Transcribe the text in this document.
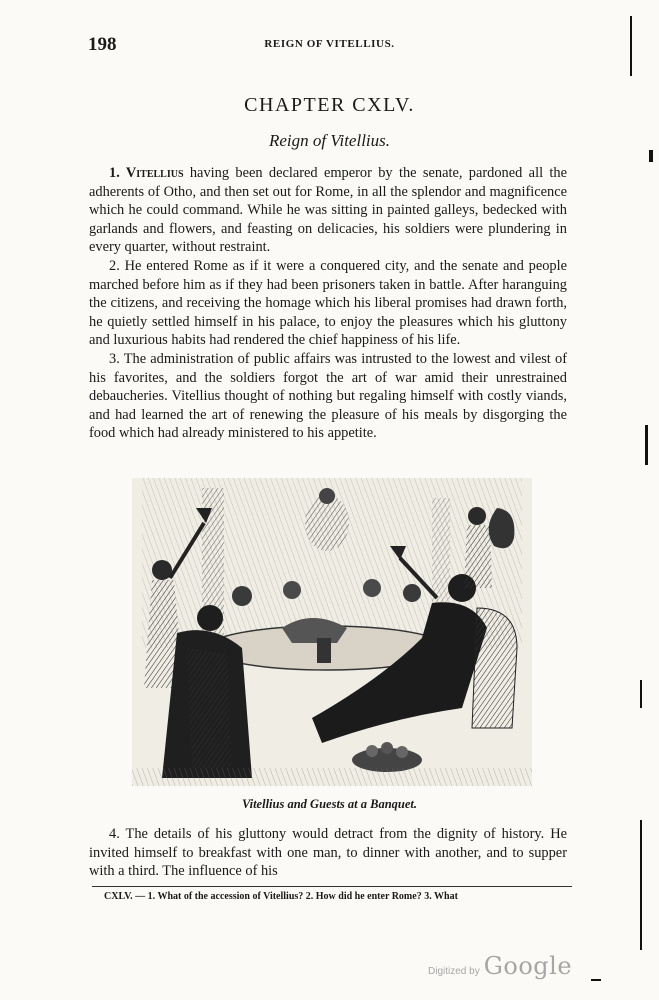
198	REIGN OF VITELLIUS.
CHAPTER CXLV.
Reign of Vitellius.

1. Vitellius having been declared emperor by the senate, pardoned all the adherents of Otho, and then set out for Rome, in all the splendor and magnificence which he could command. While he was sitting in painted galleys, bedecked with garlands and flowers, and feasting on delicacies, his soldiers were plundering in every quarter, without restraint.

2. He entered Rome as if it were a conquered city, and the senate and people marched before him as if they had been prisoners taken in battle. After haranguing the citizens, and receiving the homage which his liberal promises had drawn forth, he quietly settled himself in his palace, to enjoy the pleasures which his gluttony and luxurious habits had rendered the chief happiness of his life.

3. The administration of public affairs was intrusted to the lowest and vilest of his favorites, and the soldiers forgot the art of war amid their unrestrained debaucheries. Vitellius thought of nothing but regaling himself with costly viands, and had learned the art of renewing the pleasure of his meals by disgorging the food which had already ministered to his appetite.

Vitellius and Guests at a Banquet.

4. The details of his gluttony would detract from the dignity of history. He invited himself to breakfast with one man, to dinner with another, and to supper with a third. The influence of his

CXLV. — 1. What of the accession of Vitellius? 2. How did he enter Rome? 3. What
Digitized by Google
